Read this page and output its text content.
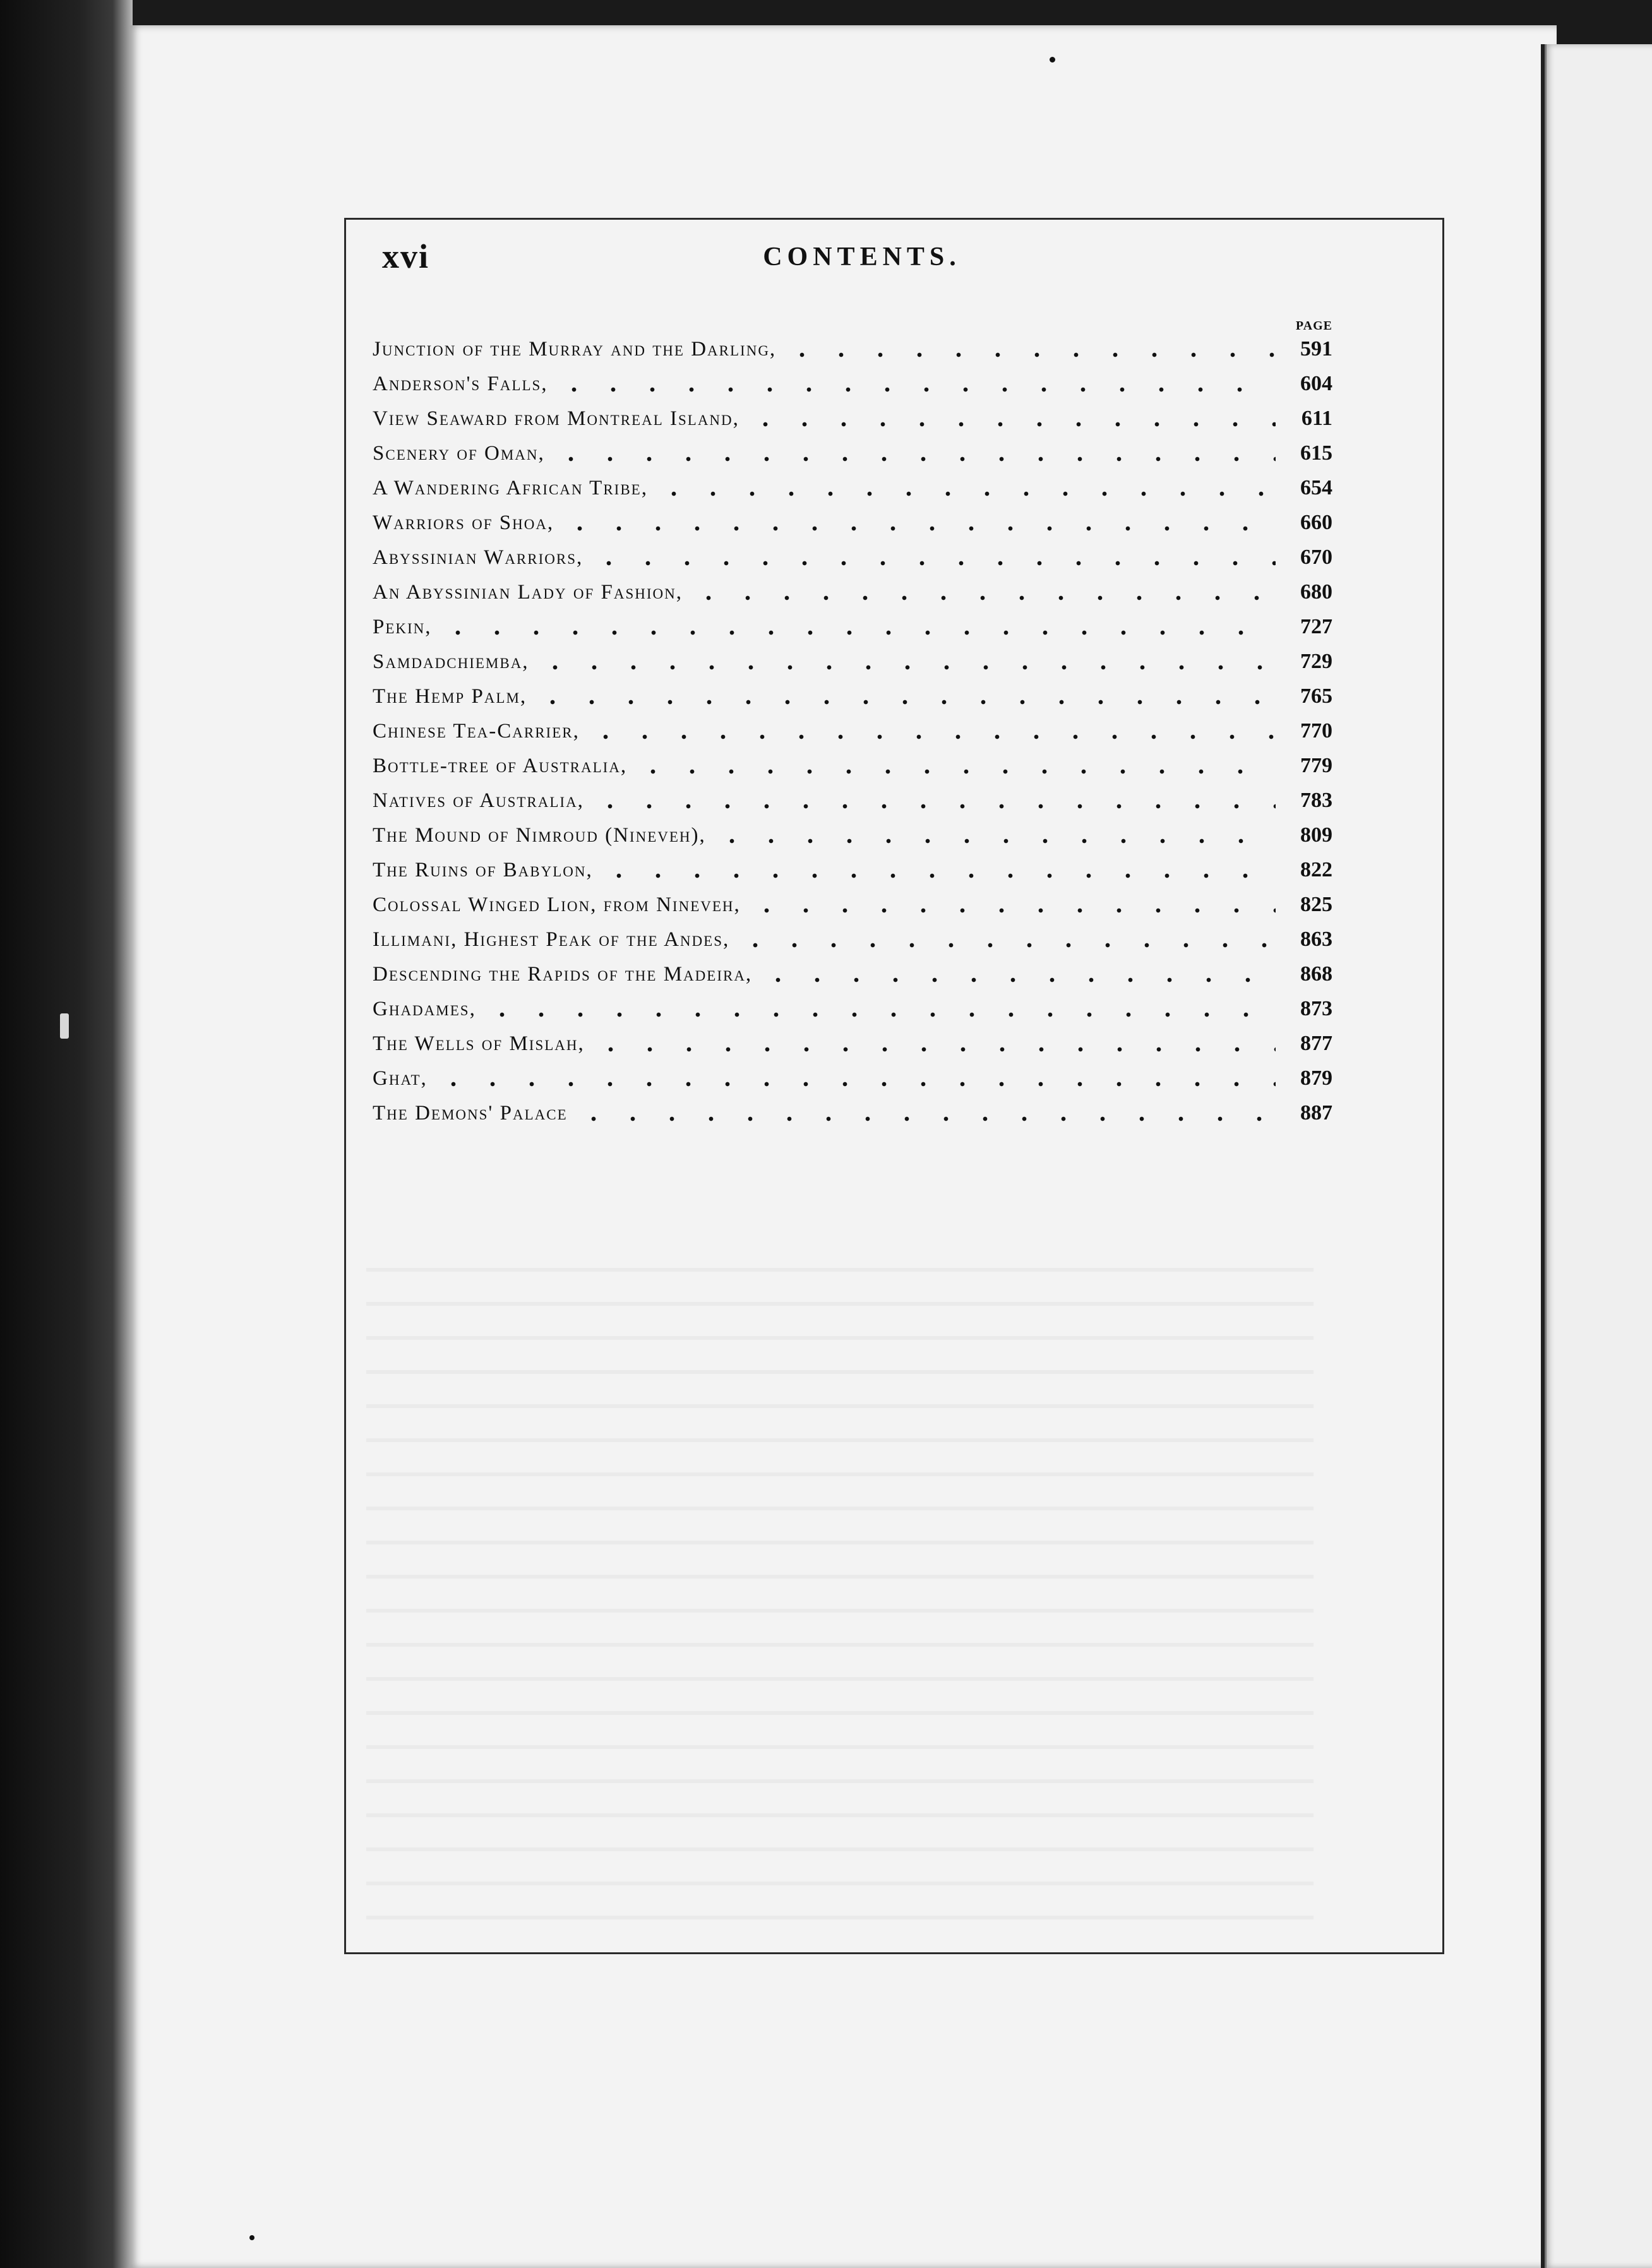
xvi	CONTENTS.
PAGE
Junction of the Murray and the Darling,	591
Anderson's Falls,	604
View Seaward from Montreal Island,	611
Scenery of Oman,	615
A Wandering African Tribe,	654
Warriors of Shoa,	660
Abyssinian Warriors,	670
An Abyssinian Lady of Fashion,	680
Pekin,	727
Samdadchiemba,	729
The Hemp Palm,	765
Chinese Tea-Carrier,	770
Bottle-tree of Australia,	779
Natives of Australia,	783
The Mound of Nimroud (Nineveh),	809
The Ruins of Babylon,	822
Colossal Winged Lion, from Nineveh,	825
Illimani, Highest Peak of the Andes,	863
Descending the Rapids of the Madeira,	868
Ghadames,	873
The Wells of Mislah,	877
Ghat,	879
The Demons' Palace	887
